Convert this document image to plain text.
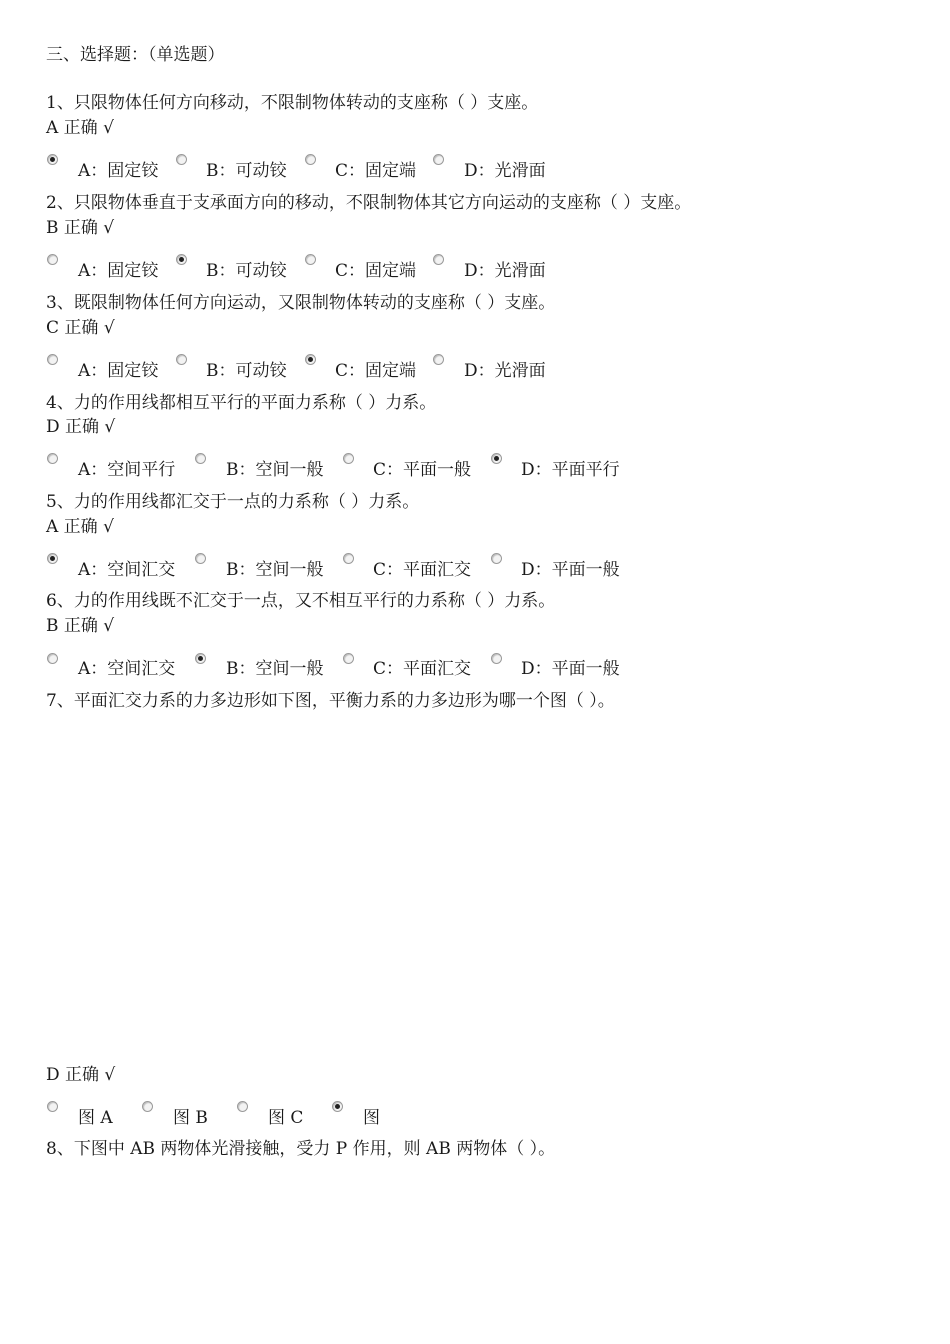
三、选择题：（单选题）
1、只限物体任何方向移动，不限制物体转动的支座称（ ）支座。
A 正确 √
A：固定铰	B：可动铰	C：固定端	D：光滑面
2、只限物体垂直于支承面方向的移动，不限制物体其它方向运动的支座称（ ）支座。
B 正确 √
A：固定铰	B：可动铰	C：固定端	D：光滑面
3、既限制物体任何方向运动，又限制物体转动的支座称（ ）支座。
C 正确 √
A：固定铰	B：可动铰	C：固定端	D：光滑面
4、力的作用线都相互平行的平面力系称（ ）力系。
D 正确 √
A：空间平行	B：空间一般	C：平面一般	D：平面平行
5、力的作用线都汇交于一点的力系称（ ）力系。
A 正确 √
A：空间汇交	B：空间一般	C：平面汇交	D：平面一般
6、力的作用线既不汇交于一点，又不相互平行的力系称（ ）力系。
B 正确 √
A：空间汇交	B：空间一般	C：平面汇交	D：平面一般
7、平面汇交力系的力多边形如下图，平衡力系的力多边形为哪一个图（ ）。
D 正确 √
图 A	图 B	图 C	图
8、下图中 AB 两物体光滑接触，受力 P 作用，则 AB 两物体（ ）。
